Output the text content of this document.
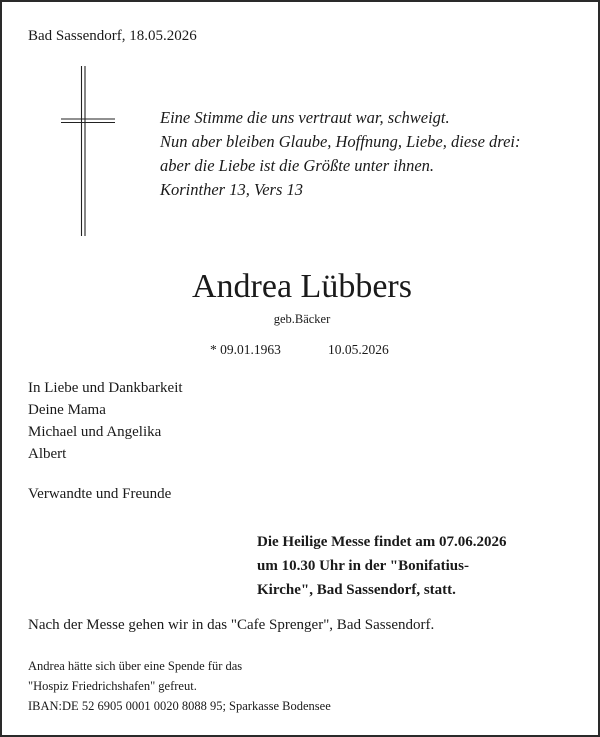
Bad Sassendorf, 18.05.2026

Eine Stimme die uns vertraut war, schweigt.
Nun aber bleiben Glaube, Hoffnung, Liebe, diese drei:
aber die Liebe ist die Größte unter ihnen.
Korinther 13, Vers 13

Andrea Lübbers

geb.Bäcker

* 09.01.1963	10.05.2026

In Liebe und Dankbarkeit
Deine Mama
Michael und Angelika
Albert

Verwandte und Freunde

Die Heilige Messe findet am 07.06.2026
um 10.30 Uhr in der "Bonifatius-
Kirche", Bad Sassendorf, statt.

Nach der Messe gehen wir in das "Cafe Sprenger", Bad Sassendorf.

Andrea hätte sich über eine Spende für das
"Hospiz Friedrichshafen" gefreut.
IBAN:DE 52 6905 0001 0020 8088 95; Sparkasse Bodensee
